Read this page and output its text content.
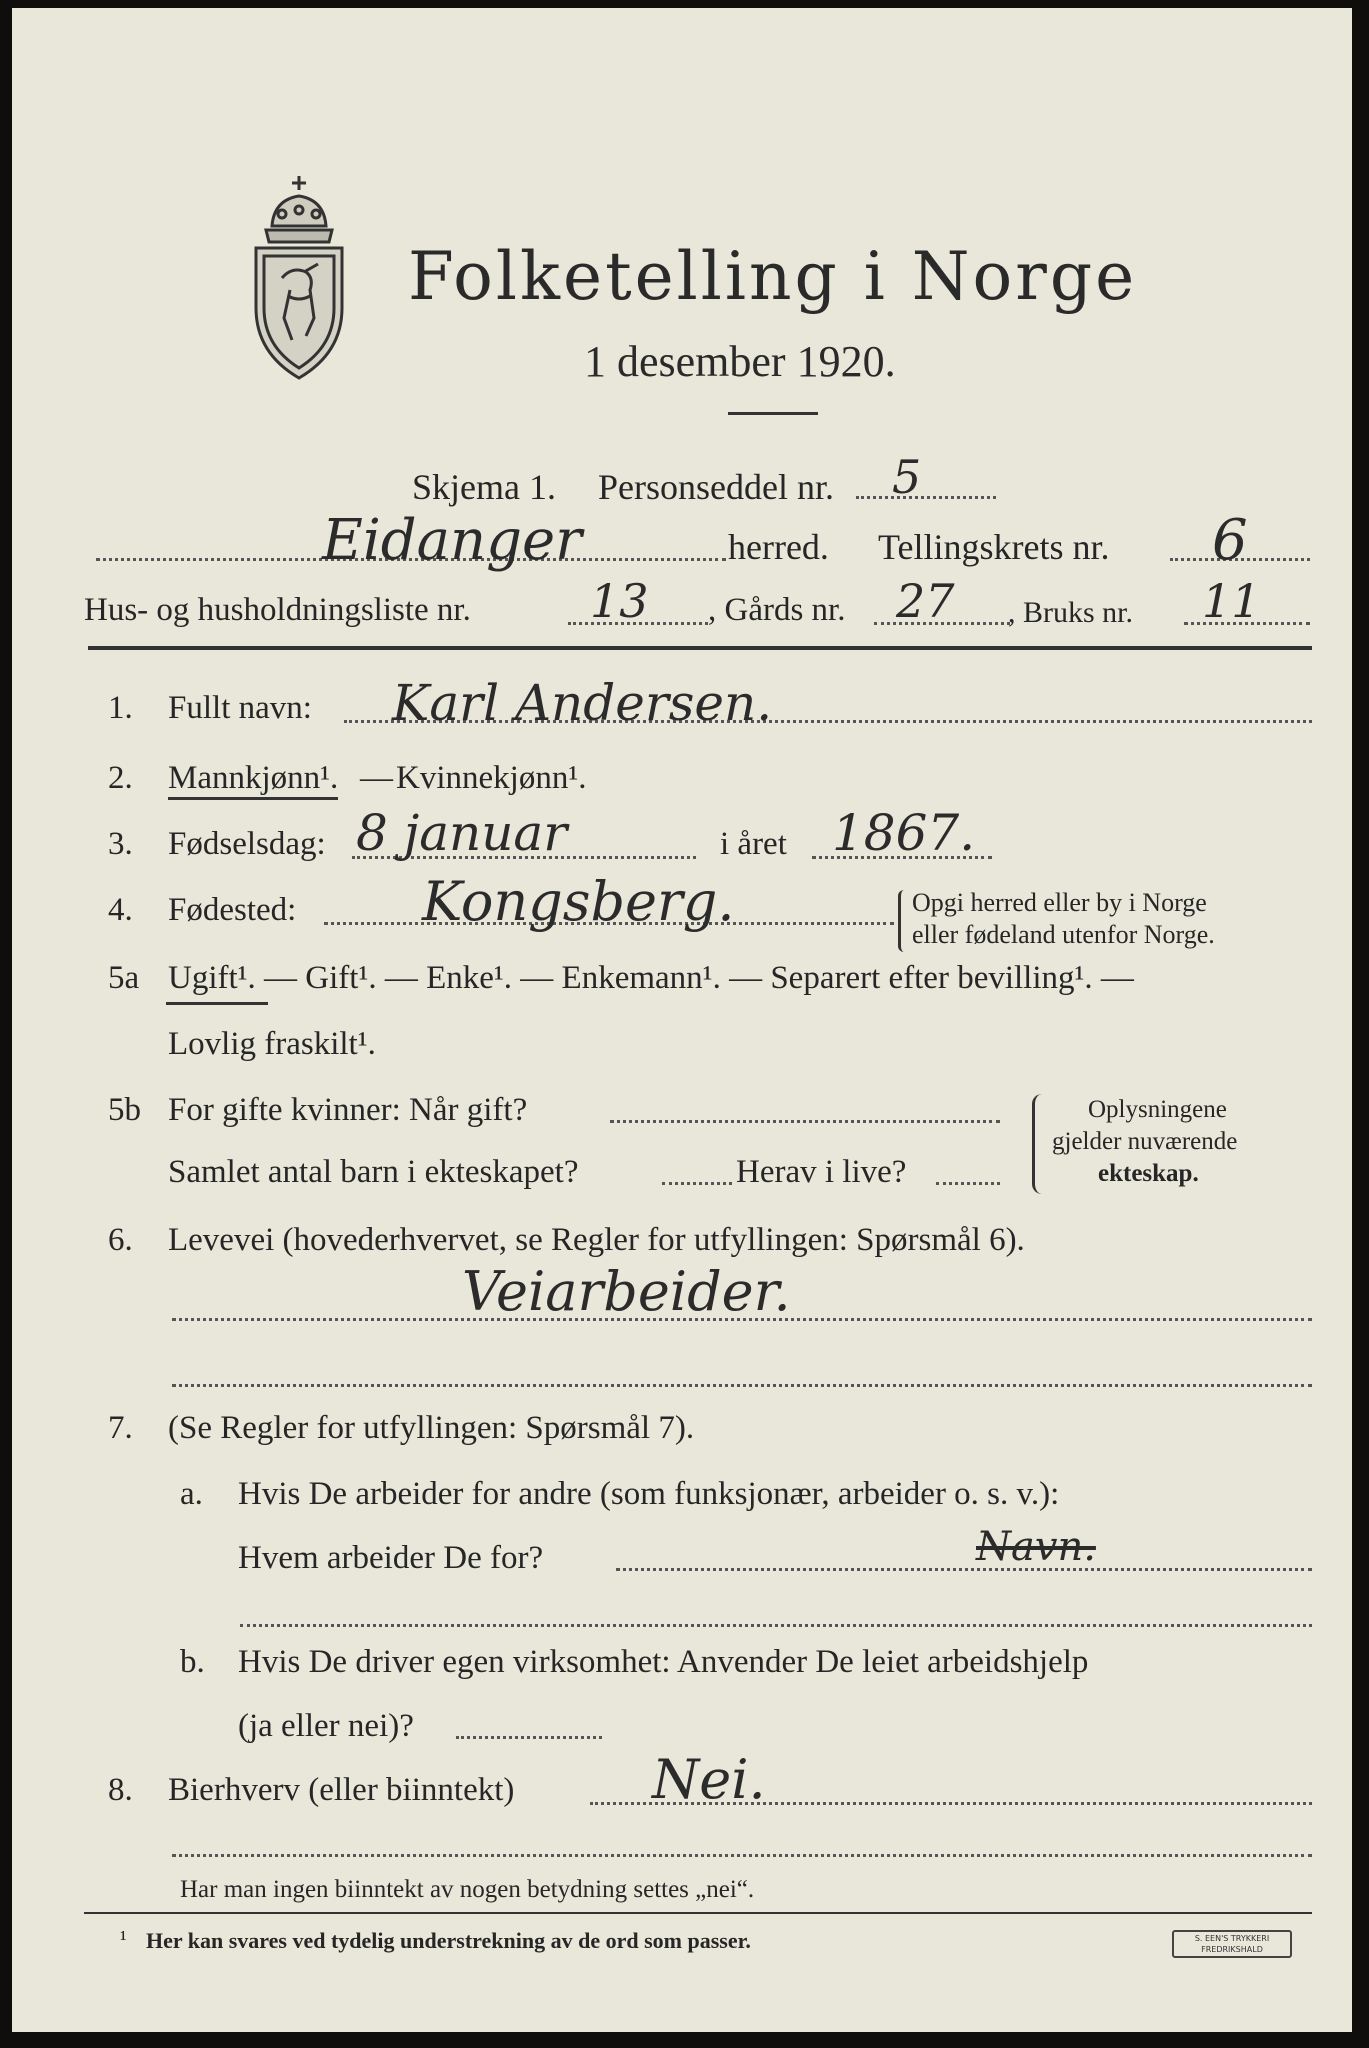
Folketelling i Norge
1 desember 1920.
Skjema 1. Personseddel nr. 5
Eidanger	herred. Tellingskrets nr. 6
Hus- og husholdningsliste nr.	13 , Gårds nr. 27 , Bruks nr. 11
1. Fullt navn: Karl Andersen.
2. Mannkjønn¹. — Kvinnekjønn¹.
3. Fødselsdag: 8 januar	i året 1867.
4. Fødested: Kongsberg.	Opgi herred eller by i Norge
eller fødeland utenfor Norge.
5a Ugift¹. — Gift¹. — Enke¹. — Enkemann¹. — Separert efter bevilling¹. —
Lovlig fraskilt¹.
5b For gifte kvinner: Når gift?
Samlet antal barn i ekteskapet?	Herav i live?
Oplysningene
gjelder nuværende
ekteskap.
6. Levevei (hovederhvervet, se Regler for utfyllingen: Spørsmål 6).
Veiarbeider.
7. (Se Regler for utfyllingen: Spørsmål 7).
a. Hvis De arbeider for andre (som funksjonær, arbeider o. s. v.):
Hvem arbeider De for?	Navn.
b. Hvis De driver egen virksomhet: Anvender De leiet arbeidshjelp
(ja eller nei)?
8. Bierhverv (eller biinntekt)	Nei.
Har man ingen biinntekt av nogen betydning settes „nei“.
¹ Her kan svares ved tydelig understrekning av de ord som passer.	S. EEN'S TRYKKERI
FREDRIKSHALD
